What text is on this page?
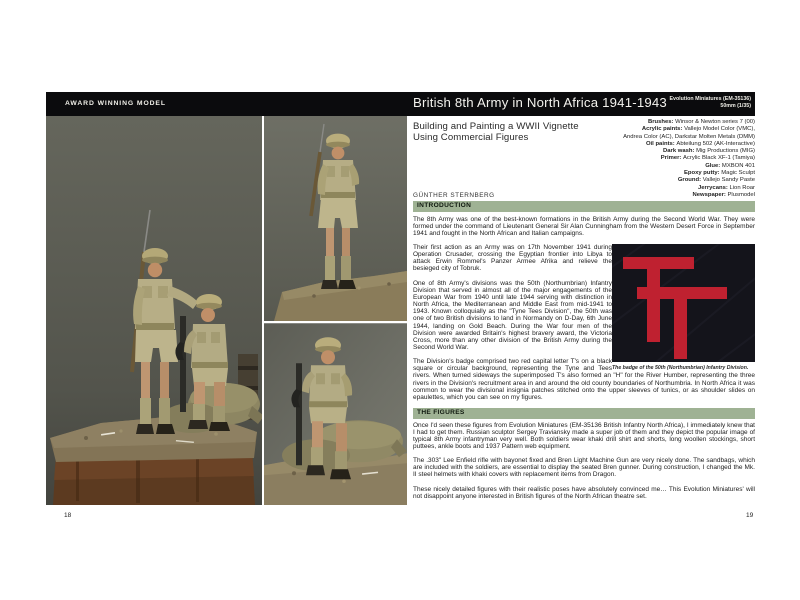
AWARD WINNING MODEL	British 8th Army in North Africa 1941-1943 Evolution Miniatures (EM-35136)
50mm (1/35)
18
Building and Painting a WWII Vignette
Using Commercial Figures
Brushes: Winsor & Newton series 7 (00)
Acrylic paints: Vallejo Model Color (VMC),
Andrea Color (AC), Darkstar Molten Metals (DMM)
Oil paints: Abteilung 502 (AK-Interactive)
Dark wash: Mig Productions (MIG)
Primer: Acrylic Black XF-1 (Tamiya)
Glue: MXBON 401
Epoxy putty: Magic Sculpt
Ground: Vallejo Sandy Paste
Jerrycans: Lion Roar
Newspaper: Plusmodel
GÜNTHER STERNBERG
INTRODUCTION

The 8th Army was one of the best-known formations in the British Army during the Second World War. They were formed under the command of Lieutenant General Sir Alan Cunningham from the Western Desert Force in September 1941 and fought in the North African and Italian campaigns.

The badge of the 50th (Northumbrian) Infantry Division.

Their first action as an Army was on 17th November 1941 during Operation Crusader, crossing the Egyptian frontier into Libya to attack Erwin Rommel's Panzer Armee Afrika and relieve the besieged city of Tobruk.

One of 8th Army's divisions was the 50th (Northumbrian) Infantry Division that served in almost all of the major engagements of the European War from 1940 until late 1944 serving with distinction in North Africa, the Mediterranean and Middle East from mid-1941 to 1943. Known colloquially as the "Tyne Tees Division", the 50th was one of two British divisions to land in Normandy on D-Day, 6th June 1944, landing on Gold Beach. During the War four men of the Division were awarded Britain's highest bravery award, the Victoria Cross, more than any other division of the British Army during the Second World War.

The Division's badge comprised two red capital letter T's on a black square or circular background, representing the Tyne and Tees rivers. When turned sideways the superimposed T's also formed an "H" for the River Humber, representing the three rivers in the Division's recruitment area in and around the old county boundaries of Northumbria. In North Africa it was common to wear the divisional insignia patches stitched onto the upper sleeves of tunics, or as shoulder slides on epaulettes, which you can see on my figures.

THE FIGURES

Once I'd seen these figures from Evolution Miniatures (EM-35136 British Infantry North Africa), I immediately knew that I had to get them. Russian sculptor Sergey Traviansky made a super job of them and they depict the popular image of typical 8th Army infantryman very well. Both soldiers wear khaki drill shirt and shorts, long woollen stockings, short puttees, ankle boots and 1937 Pattern web equipment.

The .303" Lee Enfield rifle with bayonet fixed and Bren Light Machine Gun are very nicely done. The sandbags, which are included with the soldiers, are essential to display the seated Bren gunner. During construction, I changed the Mk. II steel helmets with khaki covers with replacement items from Dragon.

These nicely detailed figures with their realistic poses have absolutely convinced me… This Evolution Miniatures' will not disappoint anyone interested in British figures of the North African theatre set.

19
